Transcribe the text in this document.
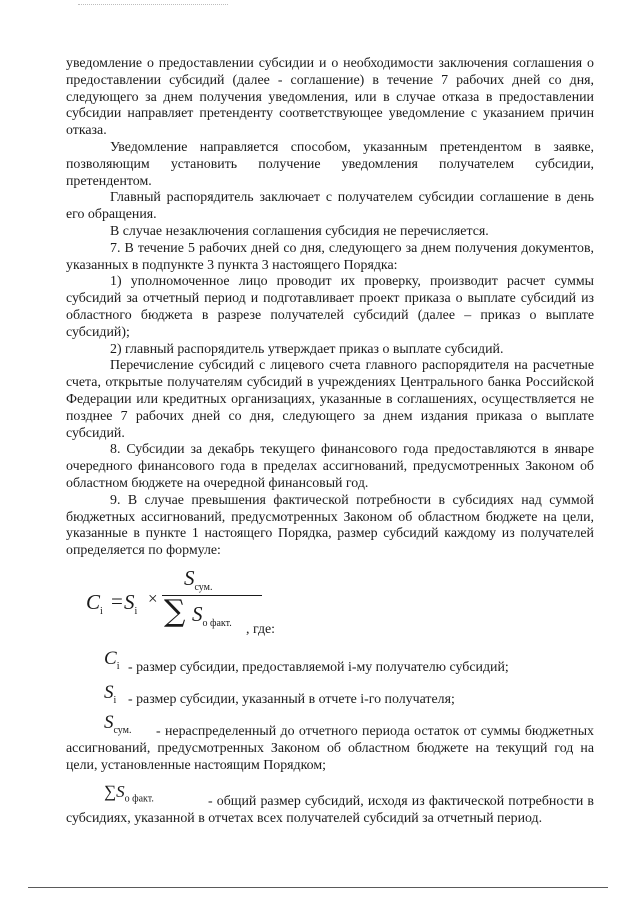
уведомление о предоставлении субсидии и о необходимости заключения соглашения о предоставлении субсидий (далее - соглашение) в течение 7 рабочих дней со дня, следующего за днем получения уведомления, или в случае отказа в предоставлении субсидии направляет претенденту соответствующее уведомление с указанием причин отказа.

Уведомление направляется способом, указанным претендентом в заявке, позволяющим установить получение уведомления получателем субсидии, претендентом.

Главный распорядитель заключает с получателем субсидии соглашение в день его обращения.

В случае незаключения соглашения субсидия не перечисляется.

7. В течение 5 рабочих дней со дня, следующего за днем получения документов, указанных в подпункте 3 пункта 3 настоящего Порядка:

1) уполномоченное лицо проводит их проверку, производит расчет суммы субсидий за отчетный период и подготавливает проект приказа о выплате субсидий из областного бюджета в разрезе получателей субсидий (далее – приказ о выплате субсидий);

2) главный распорядитель утверждает приказ о выплате субсидий.

Перечисление субсидий с лицевого счета главного распорядителя на расчетные счета, открытые получателям субсидий в учреждениях Центрального банка Российской Федерации или кредитных организациях, указанные в соглашениях, осуществляется не позднее 7 рабочих дней со дня, следующего за днем издания приказа о выплате субсидий.

8. Субсидии за декабрь текущего финансового года предоставляются в январе очередного финансового года в пределах ассигнований, предусмотренных Законом об областном бюджете на очередной финансовый год.

9. В случае превышения фактической потребности в субсидиях над суммой бюджетных ассигнований, предусмотренных Законом об областном бюджете на цели, указанные в пункте 1 настоящего Порядка, размер субсидий каждому из получателей определяется по формуле:

$C_i = S_i$
×
$S_{сум.}$
∑ $S_{о факт.}$ , где:
$C_i$ - размер субсидии, предоставляемой i-му получателю субсидий;
$S_i$ - размер субсидии, указанный в отчете i-го получателя;
$S_{сум.}$	- нераспределенный до отчетного периода остаток от суммы бюджетных ассигнований, предусмотренных Законом об областном бюджете на текущий год на цели, установленные настоящим Порядком;
$\sum S_{о факт.}$	- общий размер субсидий, исходя из фактической потребности в субсидиях, указанной в отчетах всех получателей субсидий за отчетный период.
